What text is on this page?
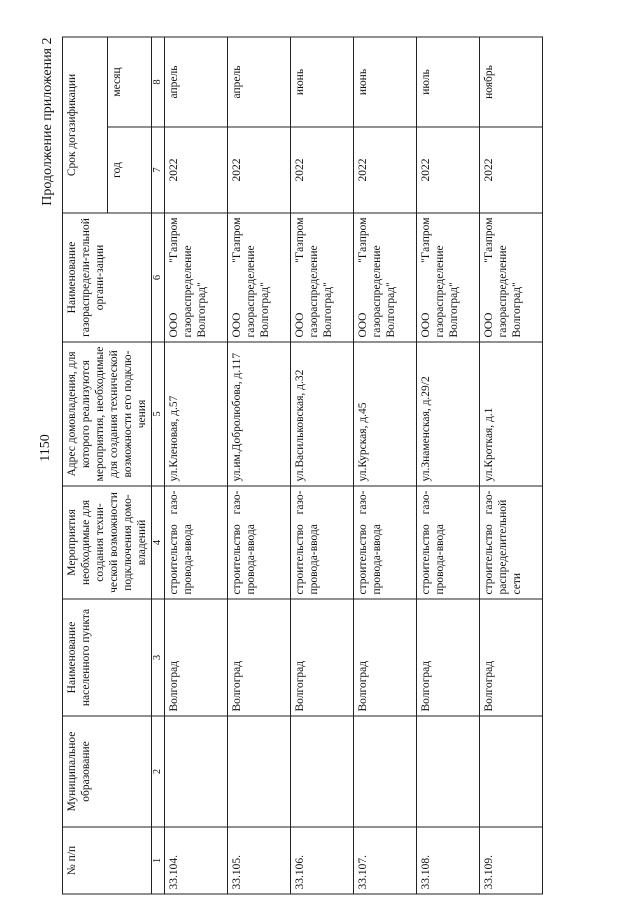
1150
Продолжение приложения 2
№ п/п	Муниципальное образование	Наименование населенного пункта	Мероприятия необходимые для создания техни-ческой возможности подключения домо-владений	Адрес домовладения, для которого реализуются мероприятия, необходимые для создания технической возможности его подклю-чения	Наименование газораспредели-тельной органи-зации	Срок догазификации	
						год	месяц
1	2	3	4	5	6	7	8
33.104.		Волгоград	строительство газо-провода-ввода	ул.Кленовая, д.57	ООО "Газпром газораспределение Волгоград"	2022	апрель
33.105.		Волгоград	строительство газо-провода-ввода	ул.им.Добролюбова, д.117	ООО "Газпром газораспределение Волгоград"	2022	апрель
33.106.		Волгоград	строительство газо-провода-ввода	ул.Васильковская, д.32	ООО "Газпром газораспределение Волгоград"	2022	июнь
33.107.		Волгоград	строительство газо-провода-ввода	ул.Курская, д.45	ООО "Газпром газораспределение Волгоград"	2022	июнь
33.108.		Волгоград	строительство газо-провода-ввода	ул.Знаменская, д.29/2	ООО "Газпром газораспределение Волгоград"	2022	июль
33.109.		Волгоград	строительство газо-распределительной сети	ул.Кроткая, д.1	ООО "Газпром газораспределение Волгоград"	2022	ноябрь
